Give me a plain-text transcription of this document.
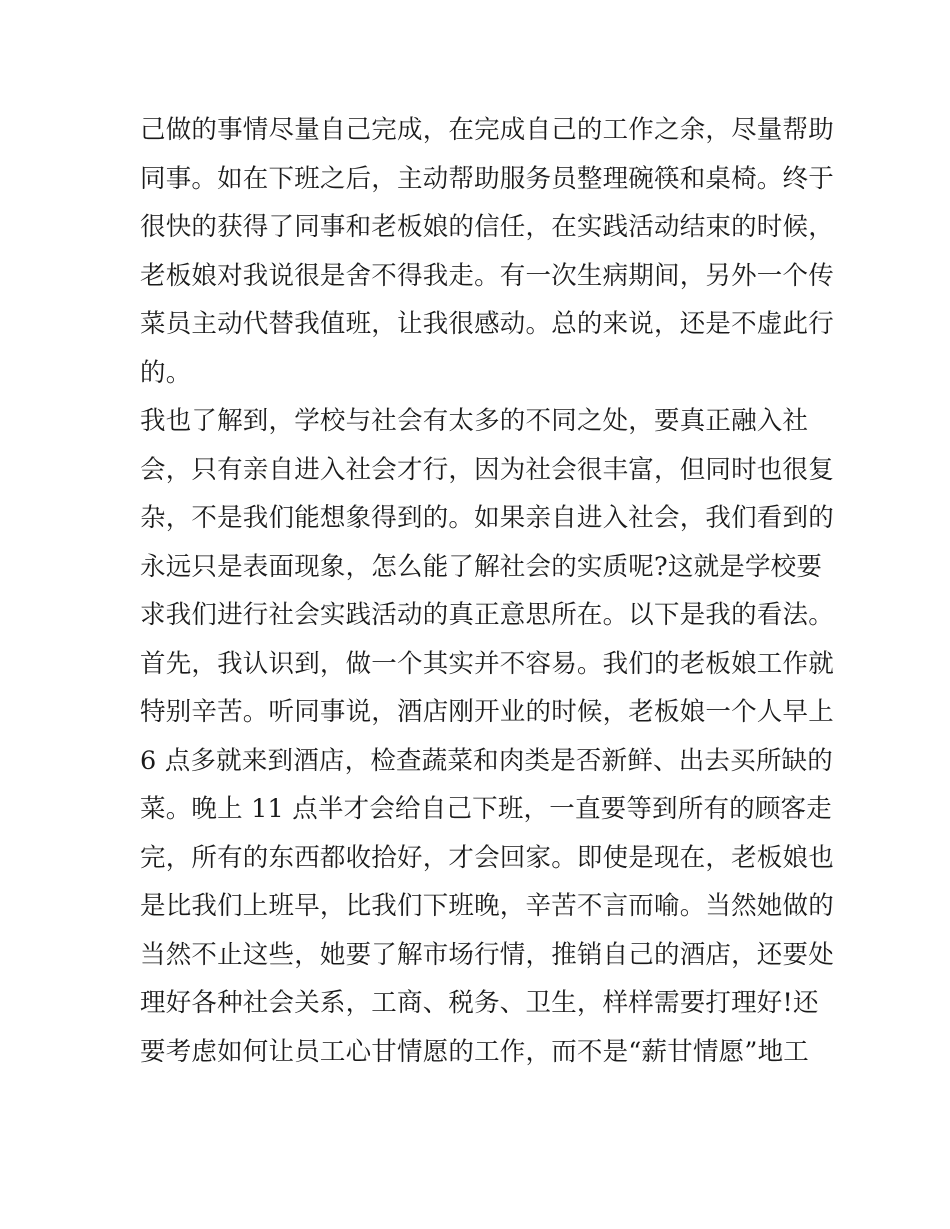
己做的事情尽量自己完成，在完成自己的工作之余，尽量帮助
同事。如在下班之后，主动帮助服务员整理碗筷和桌椅。终于
很快的获得了同事和老板娘的信任，在实践活动结束的时候，
老板娘对我说很是舍不得我走。有一次生病期间，另外一个传
菜员主动代替我值班，让我很感动。总的来说，还是不虚此行
的。
我也了解到，学校与社会有太多的不同之处，要真正融入社
会，只有亲自进入社会才行，因为社会很丰富，但同时也很复
杂，不是我们能想象得到的。如果亲自进入社会，我们看到的
永远只是表面现象，怎么能了解社会的实质呢?这就是学校要
求我们进行社会实践活动的真正意思所在。以下是我的看法。
首先，我认识到，做一个其实并不容易。我们的老板娘工作就
特别辛苦。听同事说，酒店刚开业的时候，老板娘一个人早上
6 点多就来到酒店，检查蔬菜和肉类是否新鲜、出去买所缺的
菜。晚上 11 点半才会给自己下班，一直要等到所有的顾客走
完，所有的东西都收拾好，才会回家。即使是现在，老板娘也
是比我们上班早，比我们下班晚，辛苦不言而喻。当然她做的
当然不止这些，她要了解市场行情，推销自己的酒店，还要处
理好各种社会关系，工商、税务、卫生，样样需要打理好!还
要考虑如何让员工心甘情愿的工作，而不是“薪甘情愿”地工
